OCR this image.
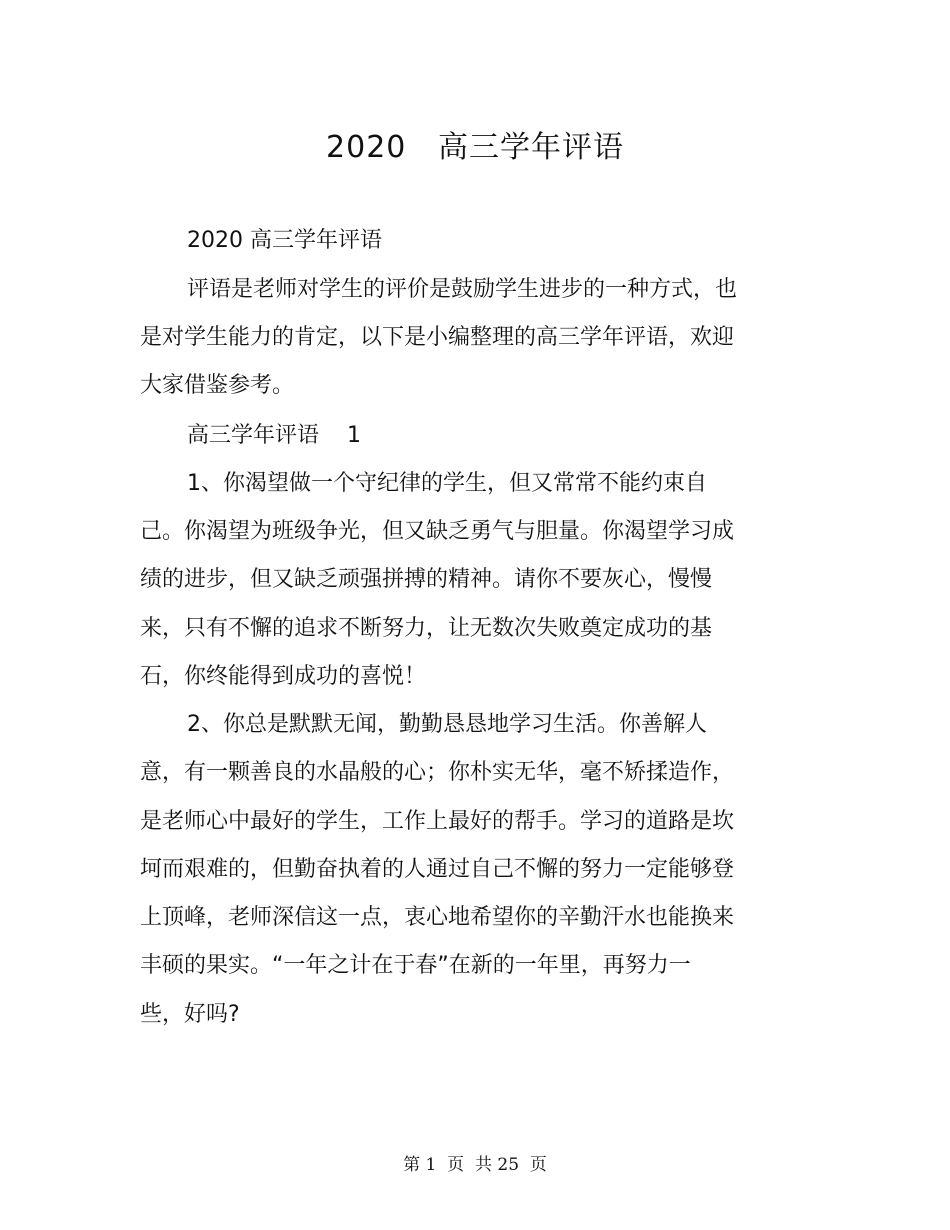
2020   高三学年评语
2020 高三学年评语
评语是老师对学生的评价是鼓励学生进步的一种方式，也
是对学生能力的肯定，以下是小编整理的高三学年评语，欢迎
大家借鉴参考。
高三学年评语    1
1、你渴望做一个守纪律的学生，但又常常不能约束自
己。你渴望为班级争光，但又缺乏勇气与胆量。你渴望学习成
绩的进步，但又缺乏顽强拼搏的精神。请你不要灰心，慢慢
来，只有不懈的追求不断努力，让无数次失败奠定成功的基
石，你终能得到成功的喜悦！
2、你总是默默无闻，勤勤恳恳地学习生活。你善解人
意，有一颗善良的水晶般的心；你朴实无华，毫不矫揉造作，
是老师心中最好的学生，工作上最好的帮手。学习的道路是坎
坷而艰难的，但勤奋执着的人通过自己不懈的努力一定能够登
上顶峰，老师深信这一点，衷心地希望你的辛勤汗水也能换来
丰硕的果实。“一年之计在于春”在新的一年里，再努力一
些，好吗?
第 1  页  共 25  页
